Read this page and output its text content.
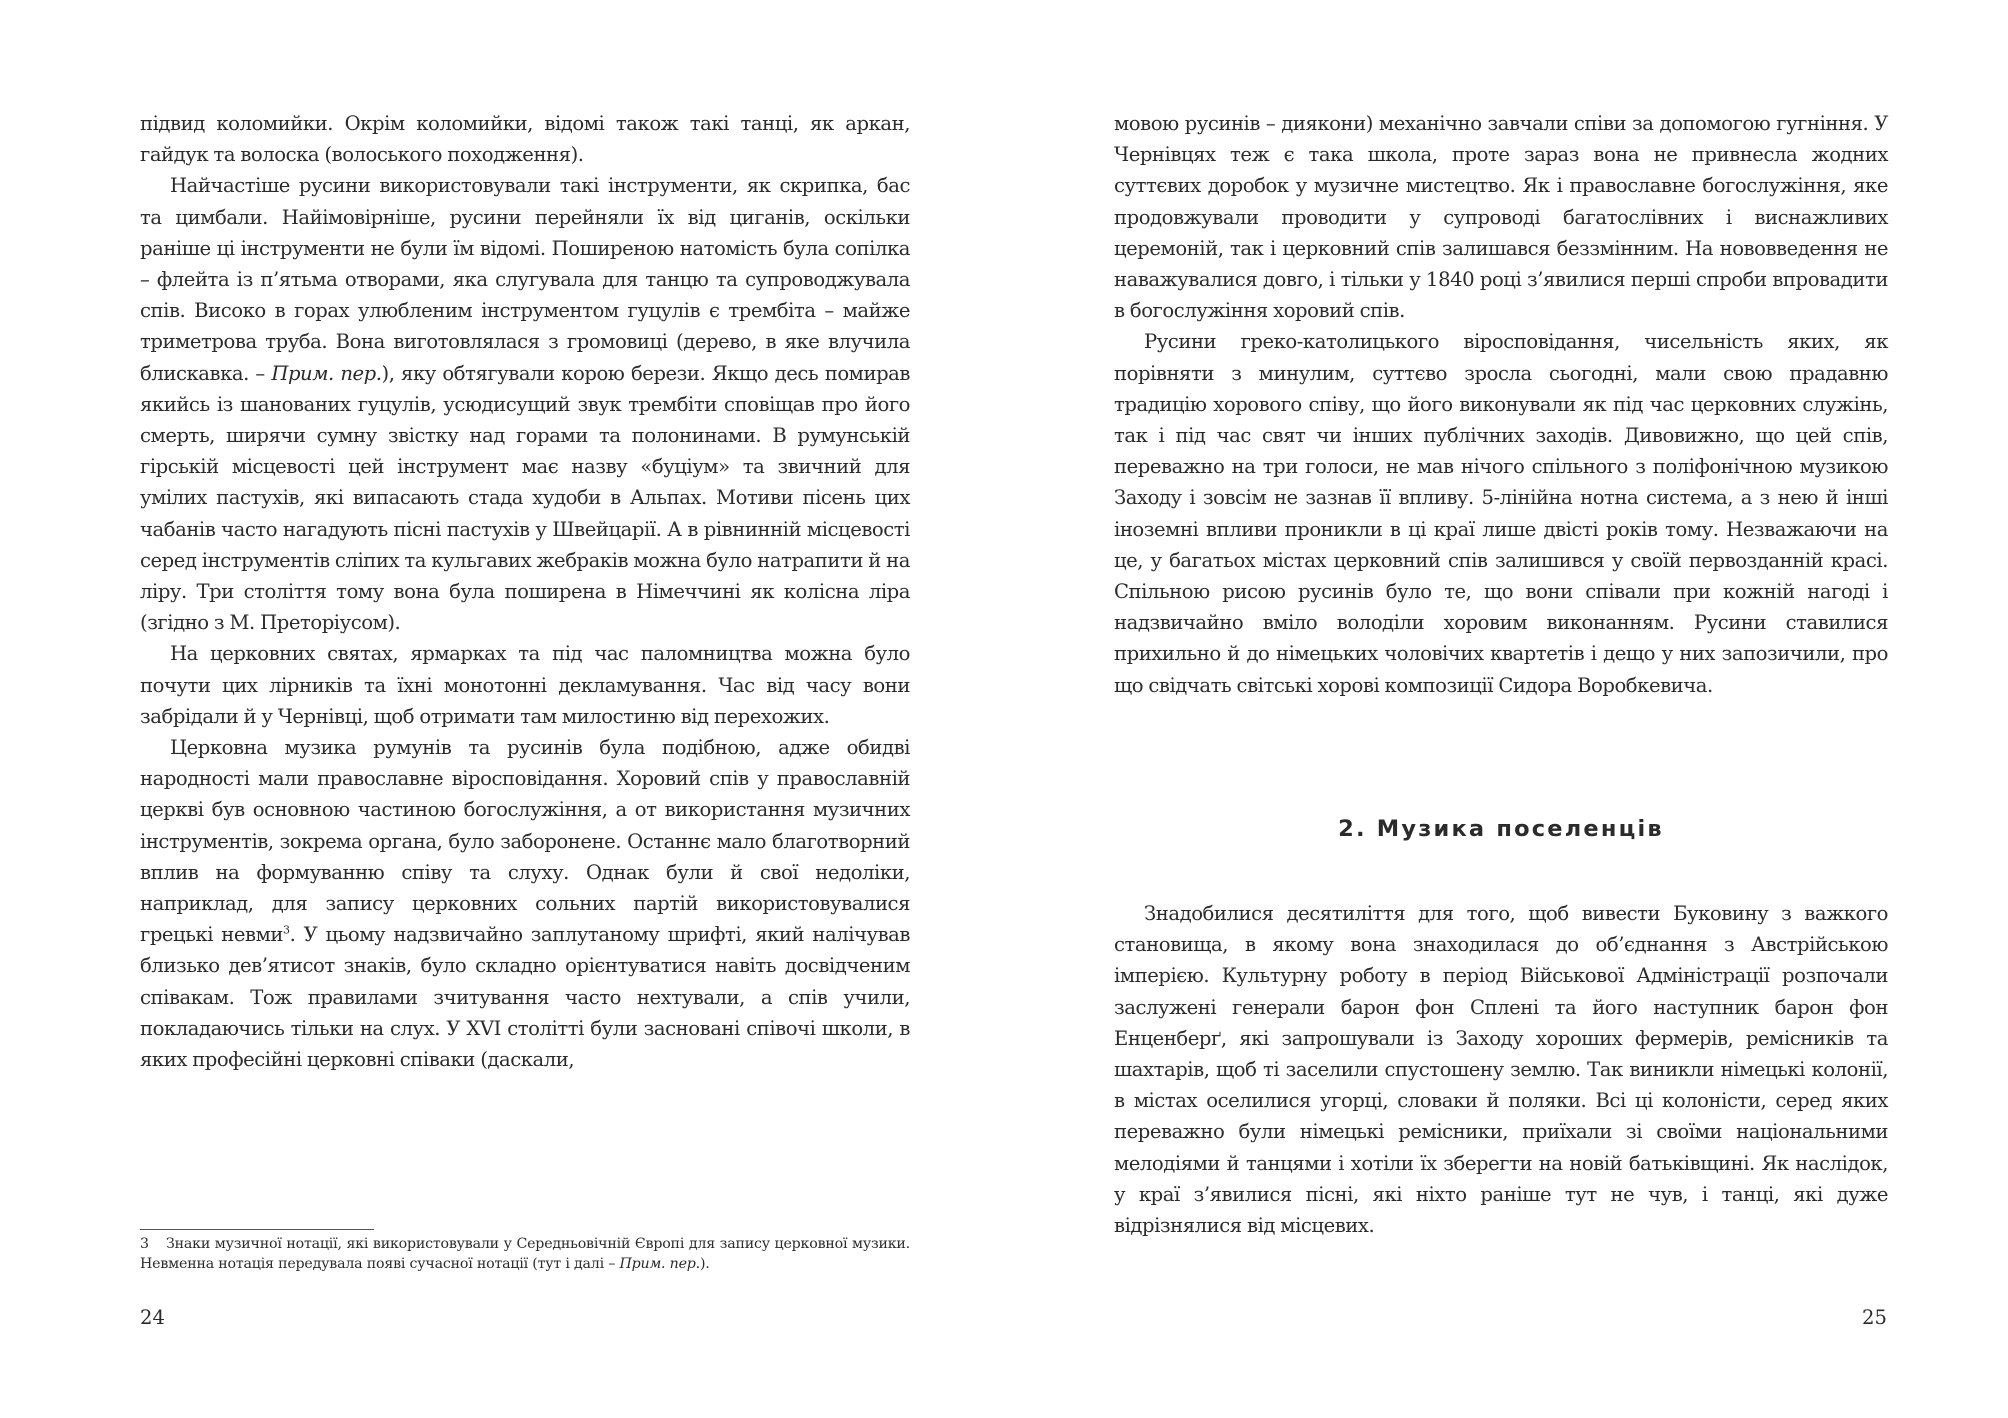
підвид коломийки. Окрім коломийки, відомі також такі танці, як аркан, гайдук та волоска (волоського походження).

Найчастіше русини використовували такі інструменти, як скрипка, бас та цимбали. Найімовірніше, русини перейняли їх від циганів, оскільки раніше ці інструменти не були їм відомі. Поширеною натомість була сопілка – флейта із п’ятьма отворами, яка слугувала для танцю та супроводжувала спів. Високо в горах улюбленим інструментом гуцулів є трембіта – майже триметрова труба. Вона виготовлялася з громовиці (дерево, в яке влучила блискавка. – Прим. пер.), яку обтягували корою берези. Якщо десь помирав якийсь із шанованих гуцулів, усюдисущий звук трембіти сповіщав про його смерть, ширячи сумну звістку над горами та полонинами. В румунській гірській місцевості цей інструмент має назву «буціум» та звичний для умілих пастухів, які випасають стада худоби в Альпах. Мотиви пісень цих чабанів часто нагадують пісні пастухів у Швейцарії. А в рівнинній місцевості серед інструментів сліпих та кульгавих жебраків можна було натрапити й на ліру. Три століття тому вона була поширена в Німеччині як колісна ліра (згідно з М. Преторіусом).

На церковних святах, ярмарках та під час паломництва можна було почути цих лірників та їхні монотонні декламування. Час від часу вони забрідали й у Чернівці, щоб отримати там милостиню від перехожих.

Церковна музика румунів та русинів була подібною, адже обидві народності мали православне віросповідання. Хоровий спів у православній церкві був основною частиною богослужіння, а от використання музичних інструментів, зокрема органа, було заборонене. Останнє мало благотворний вплив на формуванню співу та слуху. Однак були й свої недоліки, наприклад, для запису церковних сольних партій використовувалися грецькі невми$^3$. У цьому надзвичайно заплутаному шрифті, який налічував близько дев’ятисот знаків, було складно орієнтуватися навіть досвідченим співакам. Тож правилами зчитування часто нехтували, а спів учили, покладаючись тільки на слух. У XVI столітті були засновані співочі школи, в яких професійні церковні співаки (даскали,

3 Знаки музичної нотації, які використовували у Середньовічній Європі для запису церковної музики. Невменна нотація передувала появі сучасної нотації (тут і далі – Прим. пер.).
24

мовою русинів – диякони) механічно завчали співи за допомогою гугніння. У Чернівцях теж є така школа, проте зараз вона не привнесла жодних суттєвих доробок у музичне мистецтво. Як і православне богослужіння, яке продовжували проводити у супроводі багатослівних і виснажливих церемоній, так і церковний спів залишався беззмінним. На нововведення не наважувалися довго, і тільки у 1840 році з’явилися перші спроби впровадити в богослужіння хоровий спів.

Русини греко-католицького віросповідання, чисельність яких, як порівняти з минулим, суттєво зросла сьогодні, мали свою прадавню традицію хорового співу, що його виконували як під час церковних служінь, так і під час свят чи інших публічних заходів. Дивовижно, що цей спів, переважно на три голоси, не мав нічого спільного з поліфонічною музикою Заходу і зовсім не зазнав її впливу. 5-лінійна нотна система, а з нею й інші іноземні впливи проникли в ці краї лише двісті років тому. Незважаючи на це, у багатьох містах церковний спів залишився у своїй первозданній красі. Спільною рисою русинів було те, що вони співали при кожній нагоді і надзвичайно вміло володіли хоровим виконанням. Русини ставилися прихильно й до німецьких чоловічих квартетів і дещо у них запозичили, про що свідчать світські хорові композиції Сидора Воробкевича.

2. Музика поселенців

Знадобилися десятиліття для того, щоб вивести Буковину з важкого становища, в якому вона знаходилася до об’єднання з Австрійською імперією. Культурну роботу в період Військової Адміністрації розпочали заслужені генерали барон фон Сплені та його наступник барон фон Енценберґ, які запрошували із Заходу хороших фермерів, ремісників та шахтарів, щоб ті заселили спустошену землю. Так виникли німецькі колонії, в містах оселилися угорці, словаки й поляки. Всі ці колоністи, серед яких переважно були німецькі ремісники, приїхали зі своїми національними мелодіями й танцями і хотіли їх зберегти на новій батьківщині. Як наслідок, у краї з’явилися пісні, які ніхто раніше тут не чув, і танці, які дуже відрізнялися від місцевих.

25
